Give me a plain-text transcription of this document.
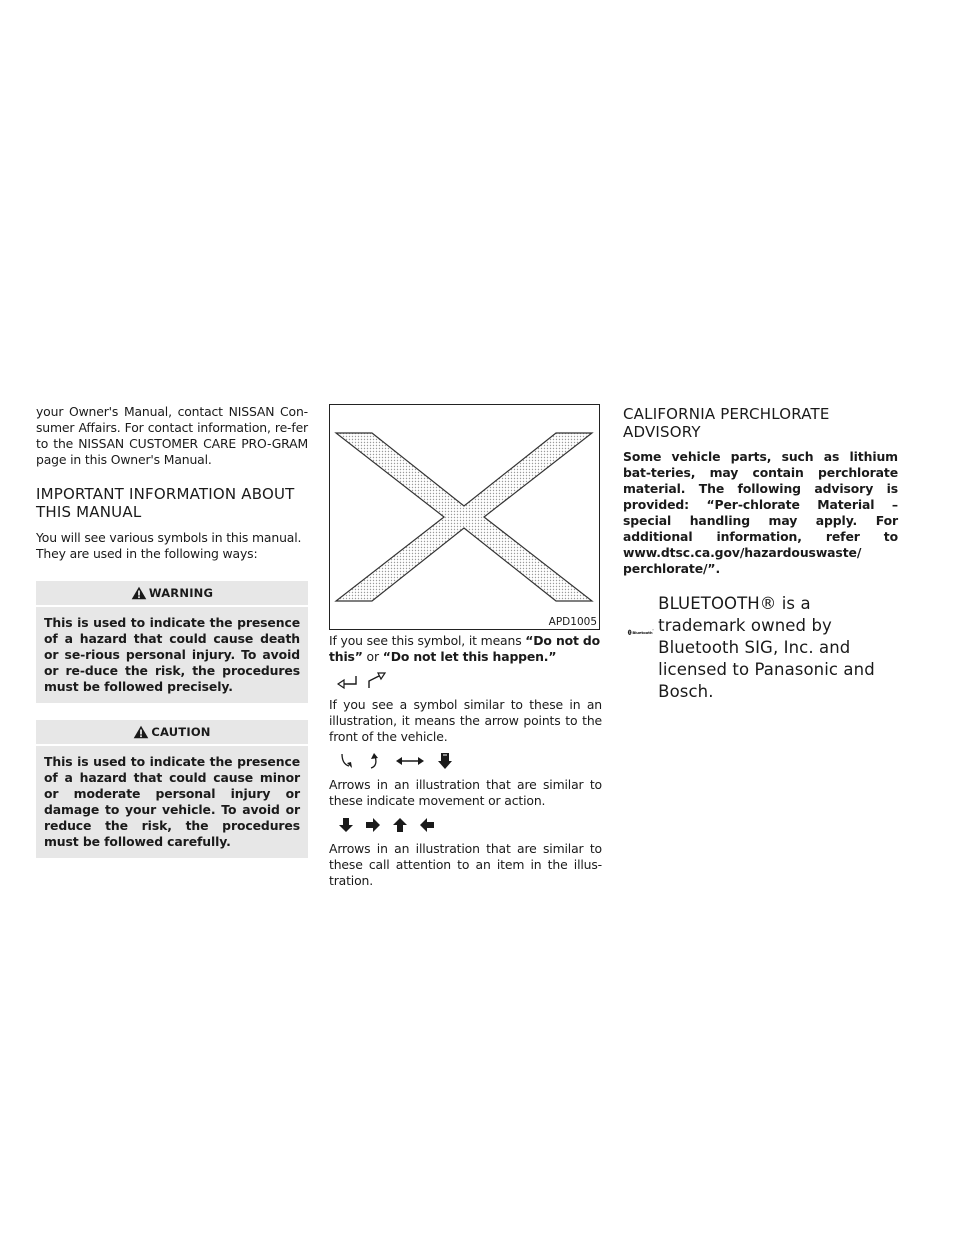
your Owner's Manual, contact NISSAN Con-sumer Affairs. For contact information, re-fer to the NISSAN CUSTOMER CARE PRO-GRAM page in this Owner's Manual.

IMPORTANT INFORMATION ABOUT THIS MANUAL

You will see various symbols in this manual. They are used in the following ways:

WARNING
This is used to indicate the presence of a hazard that could cause death or se-rious personal injury. To avoid or re-duce the risk, the procedures must be followed precisely.
CAUTION
This is used to indicate the presence of a hazard that could cause minor or moderate personal injury or damage to your vehicle. To avoid or reduce the risk, the procedures must be followed carefully.
APD1005

If you see this symbol, it means “Do not do this” or “Do not let this happen.”

If you see a symbol similar to these in an illustration, it means the arrow points to the front of the vehicle.

Arrows in an illustration that are similar to these indicate movement or action.

Arrows in an illustration that are similar to these call attention to an item in the illus-tration.

CALIFORNIA PERCHLORATE ADVISORY

Some vehicle parts, such as lithium bat-teries, may contain perchlorate material. The following advisory is provided: “Per-chlorate Material – special handling may apply. For additional information, refer to www.dtsc.ca.gov/hazardouswaste/ perchlorate/”.

Bluetooth ®
BLUETOOTH® is a trademark owned by Bluetooth SIG, Inc. and licensed to Panasonic and Bosch.
